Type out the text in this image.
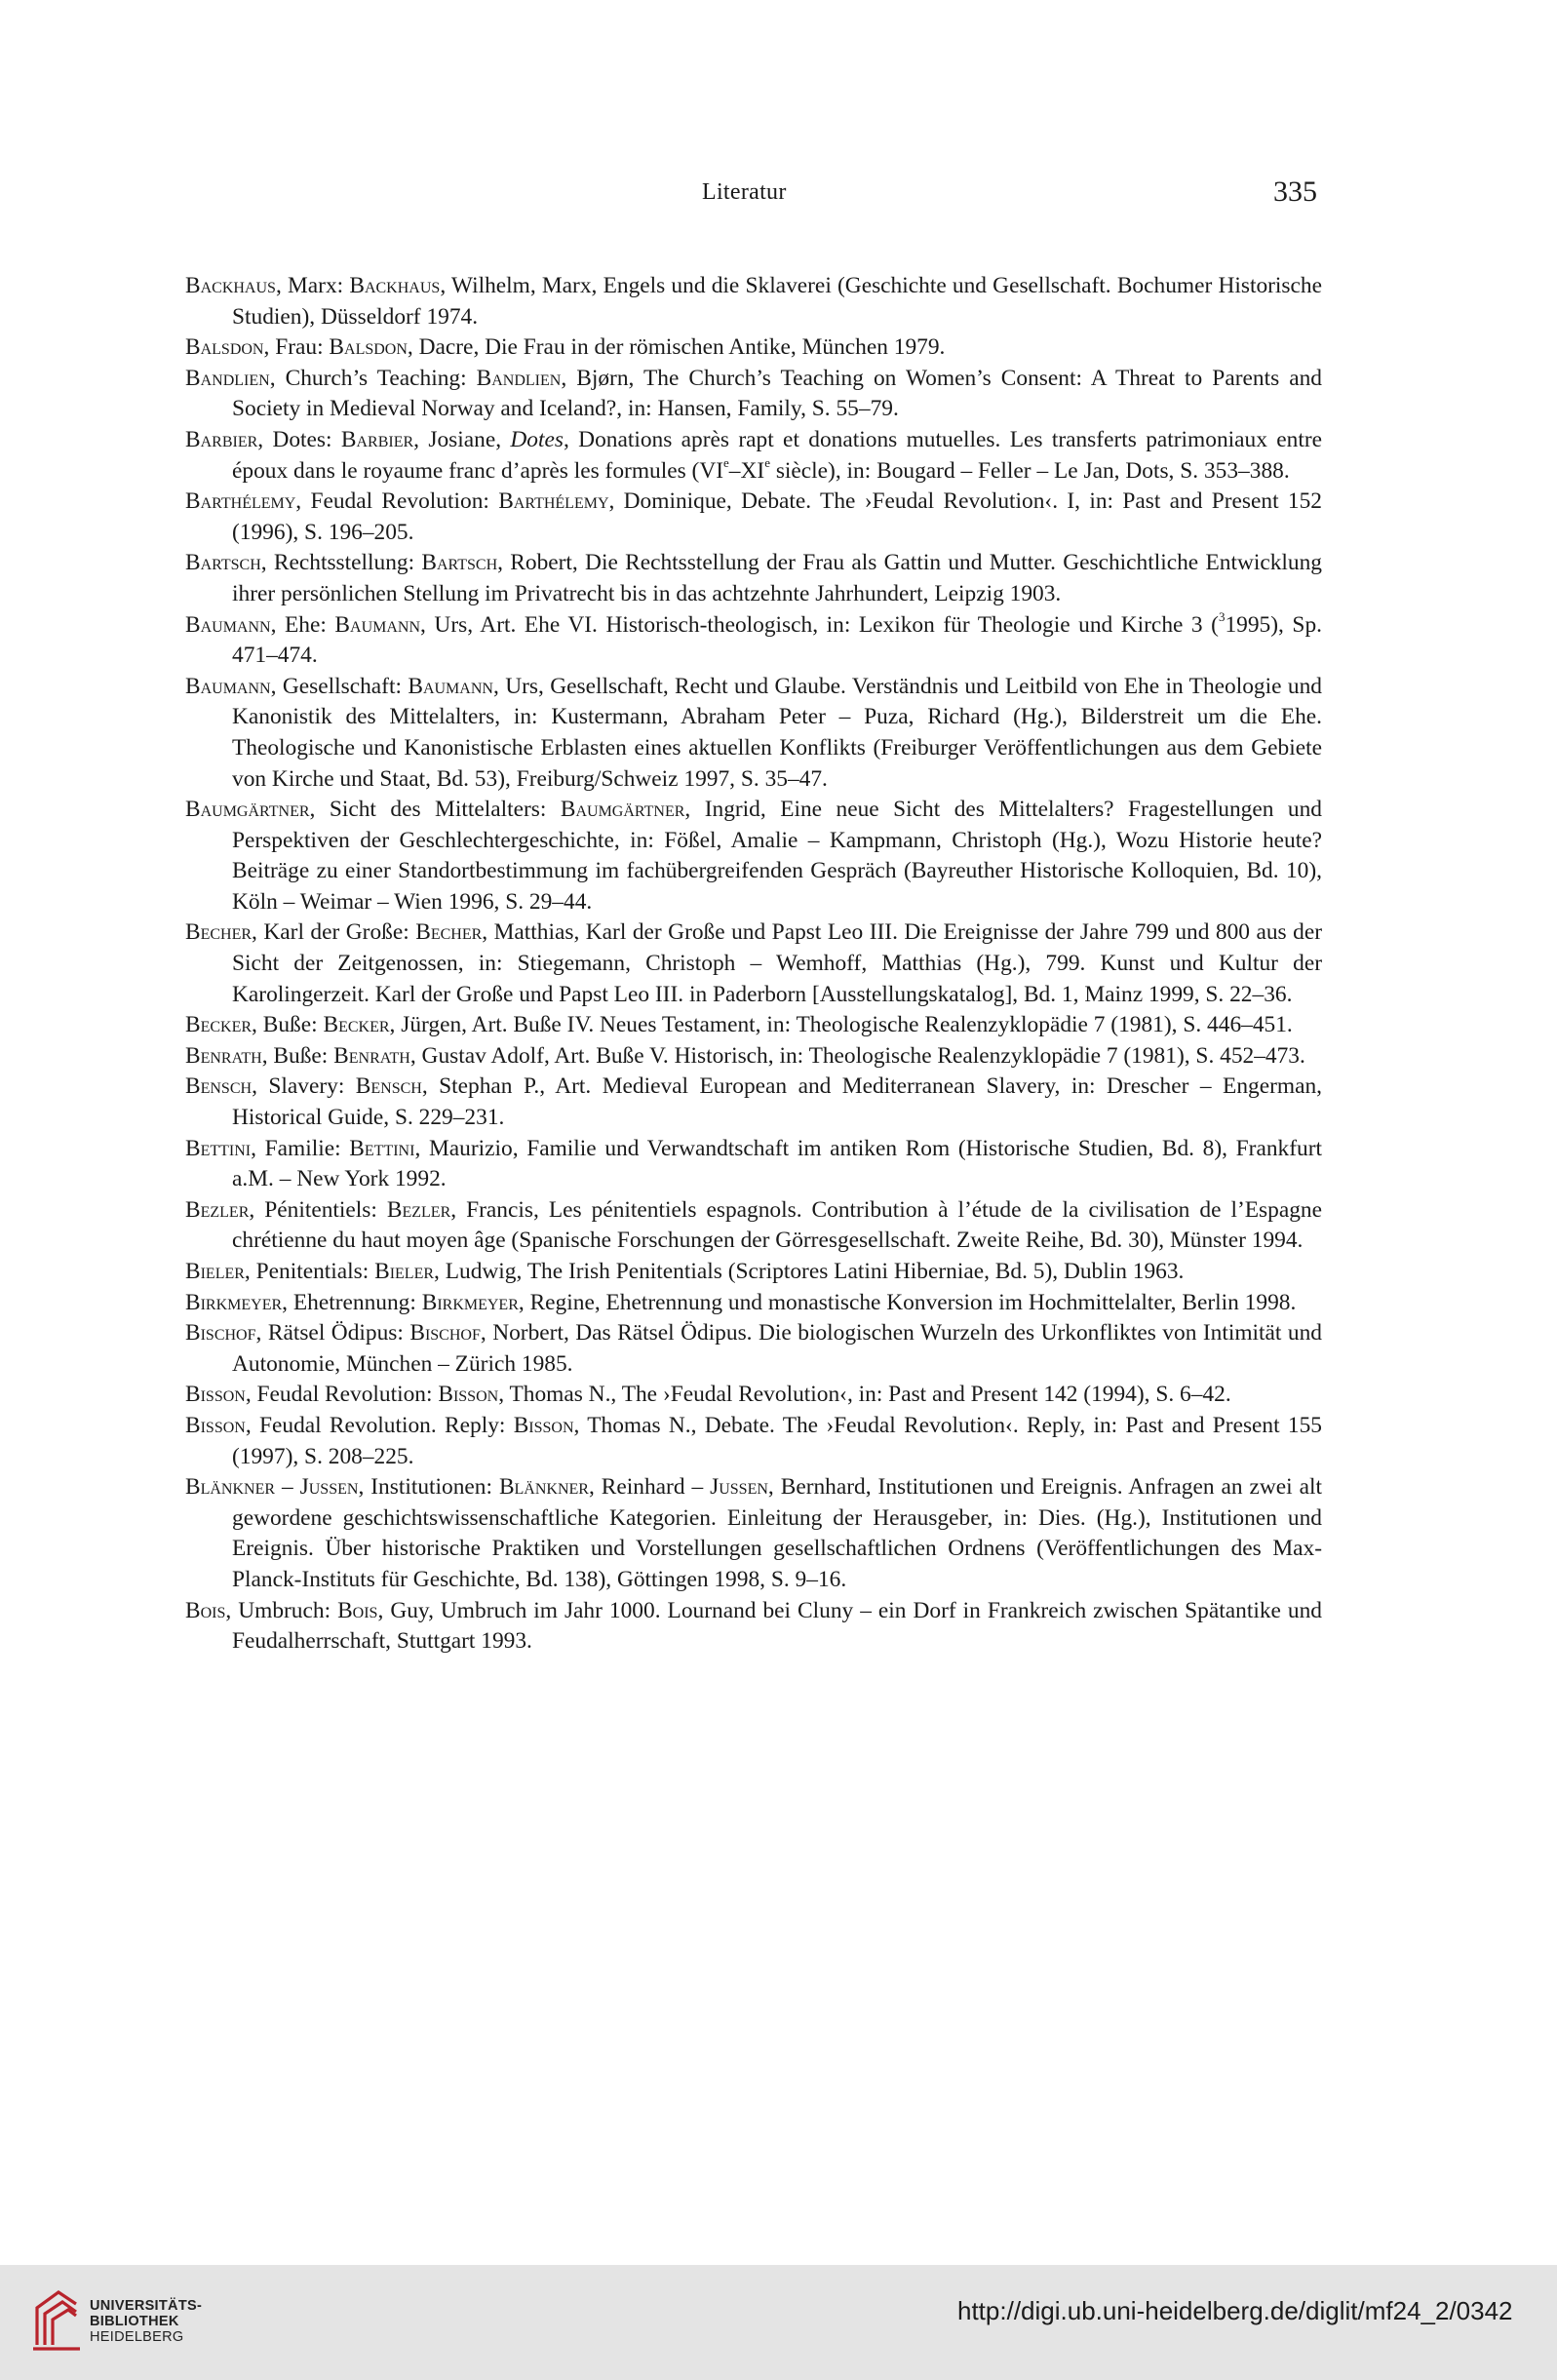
Literatur	335

Backhaus, Marx: Backhaus, Wilhelm, Marx, Engels und die Sklaverei (Geschichte und Gesellschaft. Bochumer Historische Studien), Düsseldorf 1974.

Balsdon, Frau: Balsdon, Dacre, Die Frau in der römischen Antike, München 1979.

Bandlien, Church’s Teaching: Bandlien, Bjørn, The Church’s Teaching on Women’s Consent: A Threat to Parents and Society in Medieval Norway and Iceland?, in: Hansen, Family, S. 55–79.

Barbier, Dotes: Barbier, Josiane, Dotes, Donations après rapt et donations mutuelles. Les transferts patrimoniaux entre époux dans le royaume franc d’après les formules (VIe–XIe siècle), in: Bougard – Feller – Le Jan, Dots, S. 353–388.

Barthélemy, Feudal Revolution: Barthélemy, Dominique, Debate. The ›Feudal Revolution‹. I, in: Past and Present 152 (1996), S. 196–205.

Bartsch, Rechtsstellung: Bartsch, Robert, Die Rechtsstellung der Frau als Gattin und Mutter. Geschichtliche Entwicklung ihrer persönlichen Stellung im Privatrecht bis in das achtzehnte Jahrhundert, Leipzig 1903.

Baumann, Ehe: Baumann, Urs, Art. Ehe VI. Historisch-theologisch, in: Lexikon für Theologie und Kirche 3 ($^3$1995), Sp. 471–474.

Baumann, Gesellschaft: Baumann, Urs, Gesellschaft, Recht und Glaube. Verständnis und Leitbild von Ehe in Theologie und Kanonistik des Mittelalters, in: Kustermann, Abraham Peter – Puza, Richard (Hg.), Bilderstreit um die Ehe. Theologische und Kanonistische Erblasten eines aktuellen Konflikts (Freiburger Veröffentlichungen aus dem Gebiete von Kirche und Staat, Bd. 53), Freiburg/Schweiz 1997, S. 35–47.

Baumgärtner, Sicht des Mittelalters: Baumgärtner, Ingrid, Eine neue Sicht des Mittelalters? Fragestellungen und Perspektiven der Geschlechtergeschichte, in: Fößel, Amalie – Kampmann, Christoph (Hg.), Wozu Historie heute? Beiträge zu einer Standortbestimmung im fachübergreifenden Gespräch (Bayreuther Historische Kolloquien, Bd. 10), Köln – Weimar – Wien 1996, S. 29–44.

Becher, Karl der Große: Becher, Matthias, Karl der Große und Papst Leo III. Die Ereignisse der Jahre 799 und 800 aus der Sicht der Zeitgenossen, in: Stiegemann, Christoph – Wemhoff, Matthias (Hg.), 799. Kunst und Kultur der Karolingerzeit. Karl der Große und Papst Leo III. in Paderborn [Ausstellungskatalog], Bd. 1, Mainz 1999, S. 22–36.

Becker, Buße: Becker, Jürgen, Art. Buße IV. Neues Testament, in: Theologische Realenzyklopädie 7 (1981), S. 446–451.

Benrath, Buße: Benrath, Gustav Adolf, Art. Buße V. Historisch, in: Theologische Realenzyklopädie 7 (1981), S. 452–473.

Bensch, Slavery: Bensch, Stephan P., Art. Medieval European and Mediterranean Slavery, in: Drescher – Engerman, Historical Guide, S. 229–231.

Bettini, Familie: Bettini, Maurizio, Familie und Verwandtschaft im antiken Rom (Historische Studien, Bd. 8), Frankfurt a.M. – New York 1992.

Bezler, Pénitentiels: Bezler, Francis, Les pénitentiels espagnols. Contribution à l’étude de la civilisation de l’Espagne chrétienne du haut moyen âge (Spanische Forschungen der Görresgesellschaft. Zweite Reihe, Bd. 30), Münster 1994.

Bieler, Penitentials: Bieler, Ludwig, The Irish Penitentials (Scriptores Latini Hiberniae, Bd. 5), Dublin 1963.

Birkmeyer, Ehetrennung: Birkmeyer, Regine, Ehetrennung und monastische Konversion im Hochmittelalter, Berlin 1998.

Bischof, Rätsel Ödipus: Bischof, Norbert, Das Rätsel Ödipus. Die biologischen Wurzeln des Urkonfliktes von Intimität und Autonomie, München – Zürich 1985.

Bisson, Feudal Revolution: Bisson, Thomas N., The ›Feudal Revolution‹, in: Past and Present 142 (1994), S. 6–42.

Bisson, Feudal Revolution. Reply: Bisson, Thomas N., Debate. The ›Feudal Revolution‹. Reply, in: Past and Present 155 (1997), S. 208–225.

Blänkner – Jussen, Institutionen: Blänkner, Reinhard – Jussen, Bernhard, Institutionen und Ereignis. Anfragen an zwei alt gewordene geschichtswissenschaftliche Kategorien. Einleitung der Herausgeber, in: Dies. (Hg.), Institutionen und Ereignis. Über historische Praktiken und Vorstellungen gesellschaftlichen Ordnens (Veröffentlichungen des Max-Planck-Instituts für Geschichte, Bd. 138), Göttingen 1998, S. 9–16.

Bois, Umbruch: Bois, Guy, Umbruch im Jahr 1000. Lournand bei Cluny – ein Dorf in Frankreich zwischen Spätantike und Feudalherrschaft, Stuttgart 1993.

UNIVERSITÄTS-
BIBLIOTHEK
HEIDELBERG
http://digi.ub.uni-heidelberg.de/diglit/mf24_2/0342
